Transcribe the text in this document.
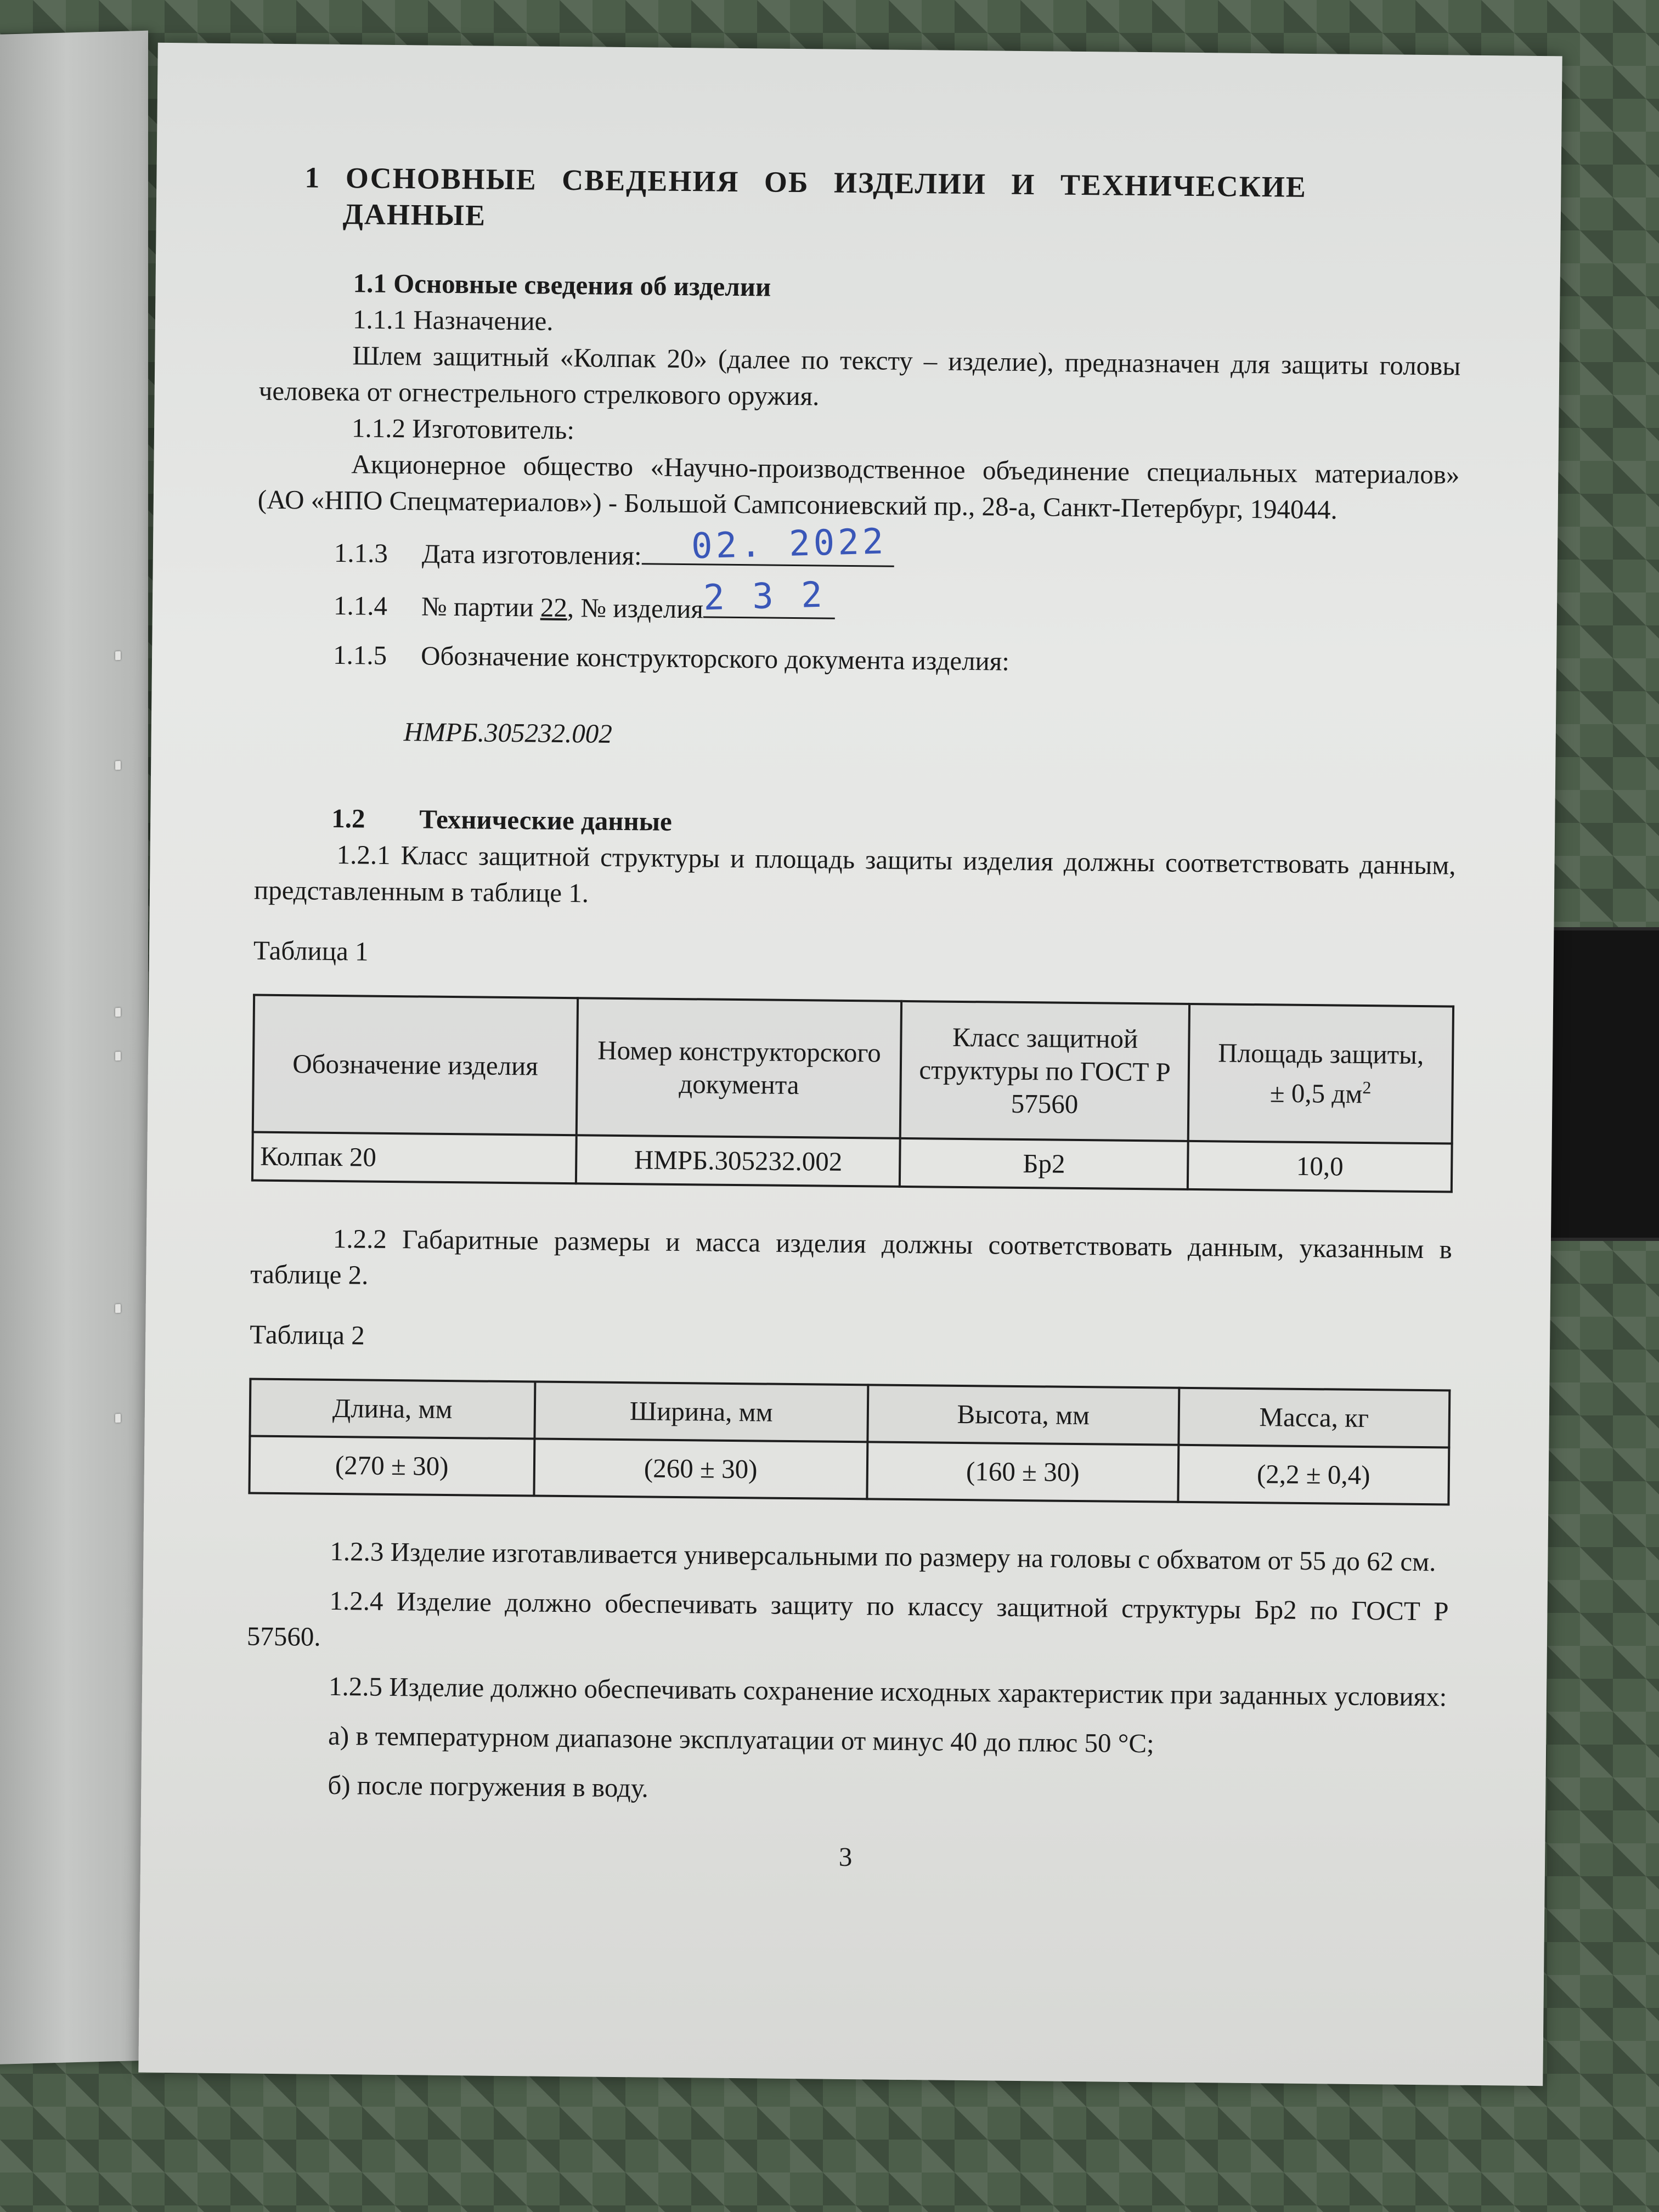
1 ОСНОВНЫЕ СВЕДЕНИЯ ОБ ИЗДЕЛИИ И ТЕХНИЧЕСКИЕ ДАННЫЕ

1.1 Основные сведения об изделии

1.1.1 Назначение.

Шлем защитный «Колпак 20» (далее по тексту – изделие), предназначен для защиты головы человека от огнестрельного стрелкового оружия.

1.1.2 Изготовитель:

Акционерное общество «Научно-производственное объединение специальных материалов» (АО «НПО Спецматериалов») - Большой Сампсониевский пр., 28-а, Санкт-Петербург, 194044.

1.1.3	Дата изготовления: 02. 2022
1.1.4	№ партии
22 , № изделия 2 3 2
1.1.5	Обозначение конструкторского документа изделия:

НМРБ.305232.002

1.2	Технические данные

1.2.1 Класс защитной структуры и площадь защиты изделия должны соответствовать данным, представленным в таблице 1.

Таблица 1

Обозначение изделия	Номер конструкторского документа	Класс защитной структуры по ГОСТ Р 57560	Площадь защиты,
± 0,5 $дм^2$
Колпак 20	НМРБ.305232.002	Бр2	10,0

1.2.2 Габаритные размеры и масса изделия должны соответствовать данным, указанным в таблице 2.

Таблица 2

Длина, мм	Ширина, мм	Высота, мм	Масса, кг
(270 ± 30)	(260 ± 30)	(160 ± 30)	(2,2 ± 0,4)

1.2.3 Изделие изготавливается универсальными по размеру на головы с обхватом от 55 до 62 см.

1.2.4 Изделие должно обеспечивать защиту по классу защитной структуры Бр2 по ГОСТ Р 57560.

1.2.5 Изделие должно обеспечивать сохранение исходных характеристик при заданных условиях:

а) в температурном диапазоне эксплуатации от минус 40 до плюс 50 °С;

б) после погружения в воду.

3
